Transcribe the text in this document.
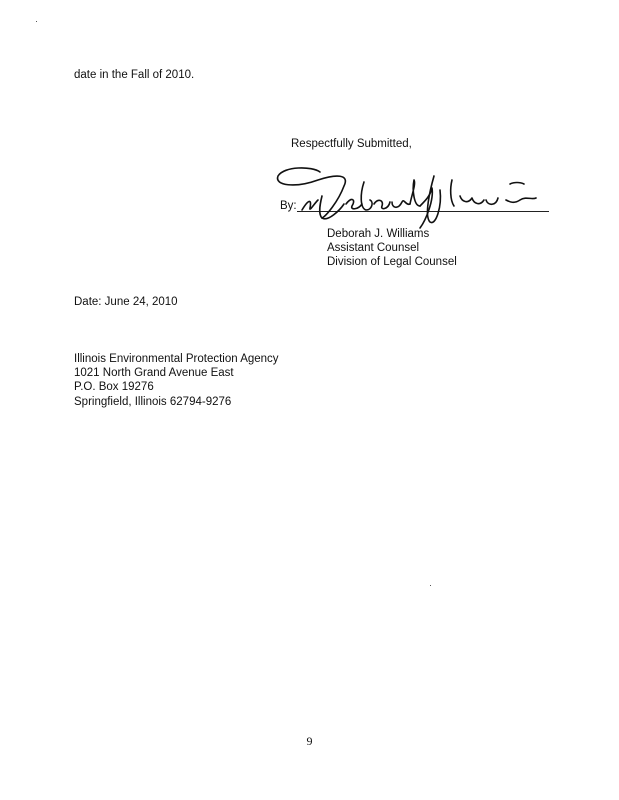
date in the Fall of 2010.
Respectfully Submitted,
By:
Deborah J. Williams
Assistant Counsel
Division of Legal Counsel
Date: June 24, 2010
Illinois Environmental Protection Agency
1021 North Grand Avenue East
P.O. Box 19276
Springfield, Illinois 62794-9276
9
